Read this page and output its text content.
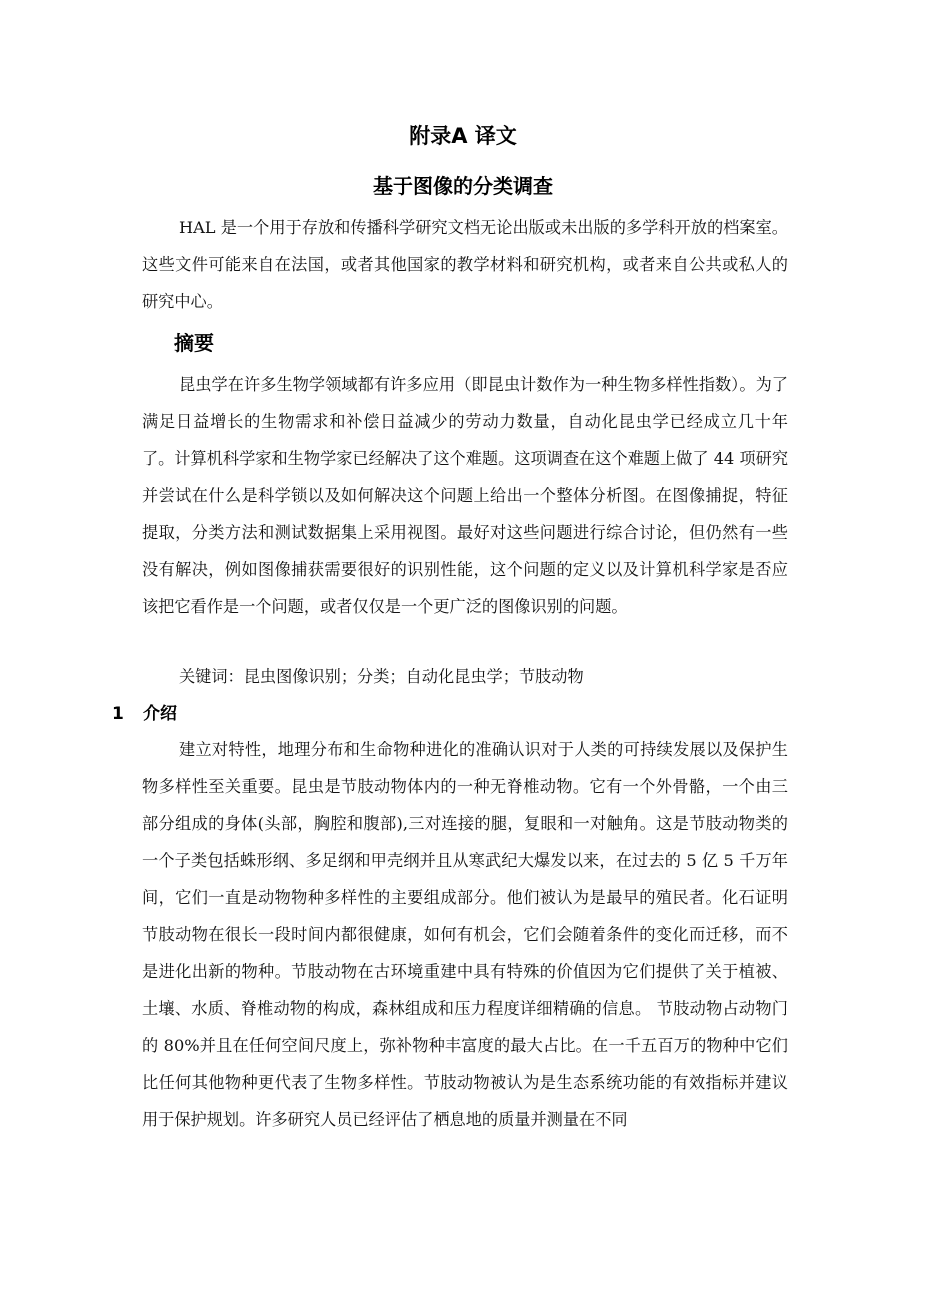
附录A 译文
基于图像的分类调查

HAL 是一个用于存放和传播科学研究文档无论出版或未出版的多学科开放的档案室。这些文件可能来自在法国，或者其他国家的教学材料和研究机构，或者来自公共或私人的研究中心。

摘要

昆虫学在许多生物学领域都有许多应用（即昆虫计数作为一种生物多样性指数）。为了满足日益增长的生物需求和补偿日益减少的劳动力数量，自动化昆虫学已经成立几十年了。计算机科学家和生物学家已经解决了这个难题。这项调查在这个难题上做了 44 项研究并尝试在什么是科学锁以及如何解决这个问题上给出一个整体分析图。在图像捕捉，特征提取，分类方法和测试数据集上采用视图。最好对这些问题进行综合讨论，但仍然有一些没有解决，例如图像捕获需要很好的识别性能，这个问题的定义以及计算机科学家是否应该把它看作是一个问题，或者仅仅是一个更广泛的图像识别的问题。

关键词：昆虫图像识别；分类；自动化昆虫学；节肢动物

1 介绍

建立对特性，地理分布和生命物种进化的准确认识对于人类的可持续发展以及保护生物多样性至关重要。昆虫是节肢动物体内的一种无脊椎动物。它有一个外骨骼，一个由三部分组成的身体(头部，胸腔和腹部),三对连接的腿，复眼和一对触角。这是节肢动物类的一个子类包括蛛形纲、多足纲和甲壳纲并且从寒武纪大爆发以来，在过去的 5 亿 5 千万年间，它们一直是动物物种多样性的主要组成部分。他们被认为是最早的殖民者。化石证明节肢动物在很长一段时间内都很健康，如何有机会，它们会随着条件的变化而迁移，而不是进化出新的物种。节肢动物在古环境重建中具有特殊的价值因为它们提供了关于植被、土壤、水质、脊椎动物的构成，森林组成和压力程度详细精确的信息。 节肢动物占动物门的 80%并且在任何空间尺度上，弥补物种丰富度的最大占比。在一千五百万的物种中它们比任何其他物种更代表了生物多样性。节肢动物被认为是生态系统功能的有效指标并建议用于保护规划。许多研究人员已经评估了栖息地的质量并测量在不同
